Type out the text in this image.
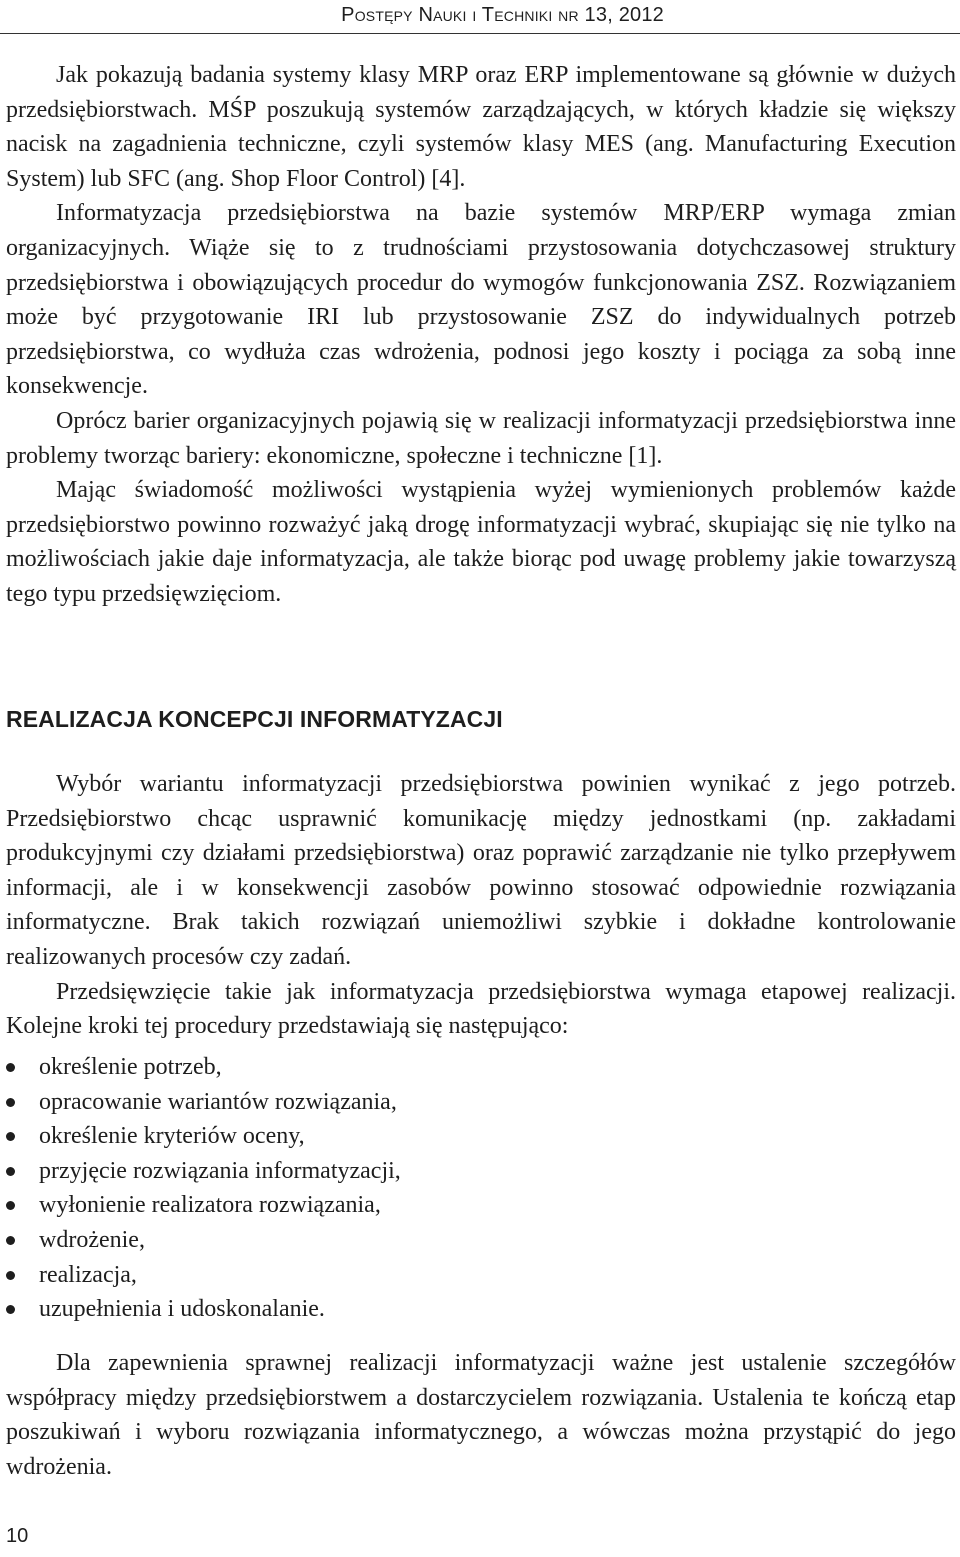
Postępy Nauki i Techniki nr 13, 2012

Jak pokazują badania systemy klasy MRP oraz ERP implementowane są głównie w dużych przedsiębiorstwach. MŚP poszukują systemów zarządzających, w których kładzie się większy nacisk na zagadnienia techniczne, czyli systemów klasy MES (ang. Manufacturing Execution System) lub SFC (ang. Shop Floor Control) [4].

Informatyzacja przedsiębiorstwa na bazie systemów MRP/ERP wymaga zmian organizacyjnych. Wiąże się to z trudnościami przystosowania dotychczasowej struktury przedsiębiorstwa i obowiązujących procedur do wymogów funkcjonowania ZSZ. Rozwiązaniem może być przygotowanie IRI lub przystosowanie ZSZ do indywidualnych potrzeb przedsiębiorstwa, co wydłuża czas wdrożenia, podnosi jego koszty i pociąga za sobą inne konsekwencje.

Oprócz barier organizacyjnych pojawią się w realizacji informatyzacji przedsiębiorstwa inne problemy tworząc bariery: ekonomiczne, społeczne i techniczne [1].

Mając świadomość możliwości wystąpienia wyżej wymienionych problemów każde przedsiębiorstwo powinno rozważyć jaką drogę informatyzacji wybrać, skupiając się nie tylko na możliwościach jakie daje informatyzacja, ale także biorąc pod uwagę problemy jakie towarzyszą tego typu przedsięwzięciom.

REALIZACJA KONCEPCJI INFORMATYZACJI

Wybór wariantu informatyzacji przedsiębiorstwa powinien wynikać z jego potrzeb. Przedsiębiorstwo chcąc usprawnić komunikację między jednostkami (np. zakładami produkcyjnymi czy działami przedsiębiorstwa) oraz poprawić zarządzanie nie tylko przepływem informacji, ale i w konsekwencji zasobów powinno stosować odpowiednie rozwiązania informatyczne. Brak takich rozwiązań uniemożliwi szybkie i dokładne kontrolowanie realizowanych procesów czy zadań.

Przedsięwzięcie takie jak informatyzacja przedsiębiorstwa wymaga etapowej realizacji. Kolejne kroki tej procedury przedstawiają się następująco:

określenie potrzeb,
opracowanie wariantów rozwiązania,
określenie kryteriów oceny,
przyjęcie rozwiązania informatyzacji,
wyłonienie realizatora rozwiązania,
wdrożenie,
realizacja,
uzupełnienia i udoskonalanie.

Dla zapewnienia sprawnej realizacji informatyzacji ważne jest ustalenie szczegółów współpracy między przedsiębiorstwem a dostarczycielem rozwiązania. Ustalenia te kończą etap poszukiwań i wyboru rozwiązania informatycznego, a wówczas można przystąpić do jego wdrożenia.

10
